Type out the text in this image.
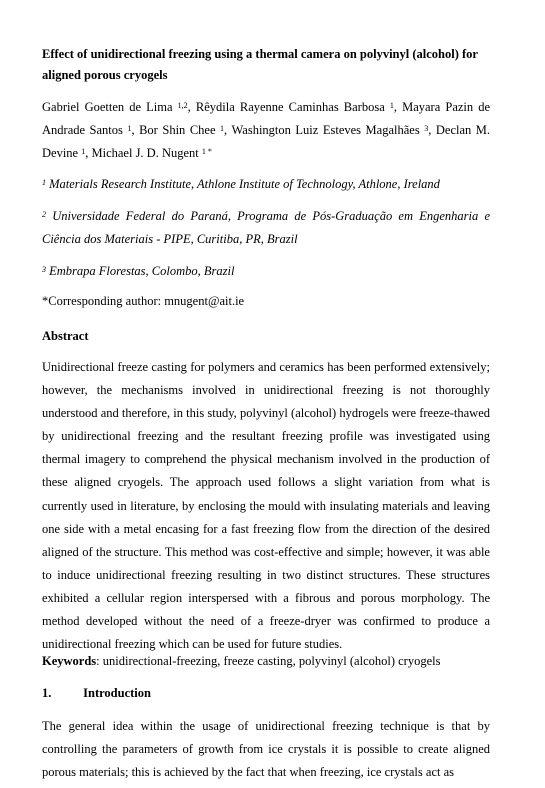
Effect of unidirectional freezing using a thermal camera on polyvinyl (alcohol) for aligned porous cryogels
Gabriel Goetten de Lima $^{1,2}$, Rêydila Rayenne Caminhas Barbosa $^1$, Mayara Pazin de Andrade Santos $^1$, Bor Shin Chee $^1$, Washington Luiz Esteves Magalhães $^3$, Declan M. Devine $^1$, Michael J. D. Nugent $^{1 *}$
$^1$ Materials Research Institute, Athlone Institute of Technology, Athlone, Ireland
$^2$ Universidade Federal do Paraná, Programa de Pós-Graduação em Engenharia e Ciência dos Materiais - PIPE, Curitiba, PR, Brazil
$^3$ Embrapa Florestas, Colombo, Brazil
*Corresponding author: mnugent@ait.ie
Abstract
Unidirectional freeze casting for polymers and ceramics has been performed extensively; however, the mechanisms involved in unidirectional freezing is not thoroughly understood and therefore, in this study, polyvinyl (alcohol) hydrogels were freeze-thawed by unidirectional freezing and the resultant freezing profile was investigated using thermal imagery to comprehend the physical mechanism involved in the production of these aligned cryogels. The approach used follows a slight variation from what is currently used in literature, by enclosing the mould with insulating materials and leaving one side with a metal encasing for a fast freezing flow from the direction of the desired aligned of the structure. This method was cost-effective and simple; however, it was able to induce unidirectional freezing resulting in two distinct structures. These structures exhibited a cellular region interspersed with a fibrous and porous morphology. The method developed without the need of a freeze-dryer was confirmed to produce a unidirectional freezing which can be used for future studies.
Keywords: unidirectional-freezing, freeze casting, polyvinyl (alcohol) cryogels
1.	Introduction
The general idea within the usage of unidirectional freezing technique is that by controlling the parameters of growth from ice crystals it is possible to create aligned porous materials; this is achieved by the fact that when freezing, ice crystals act as
